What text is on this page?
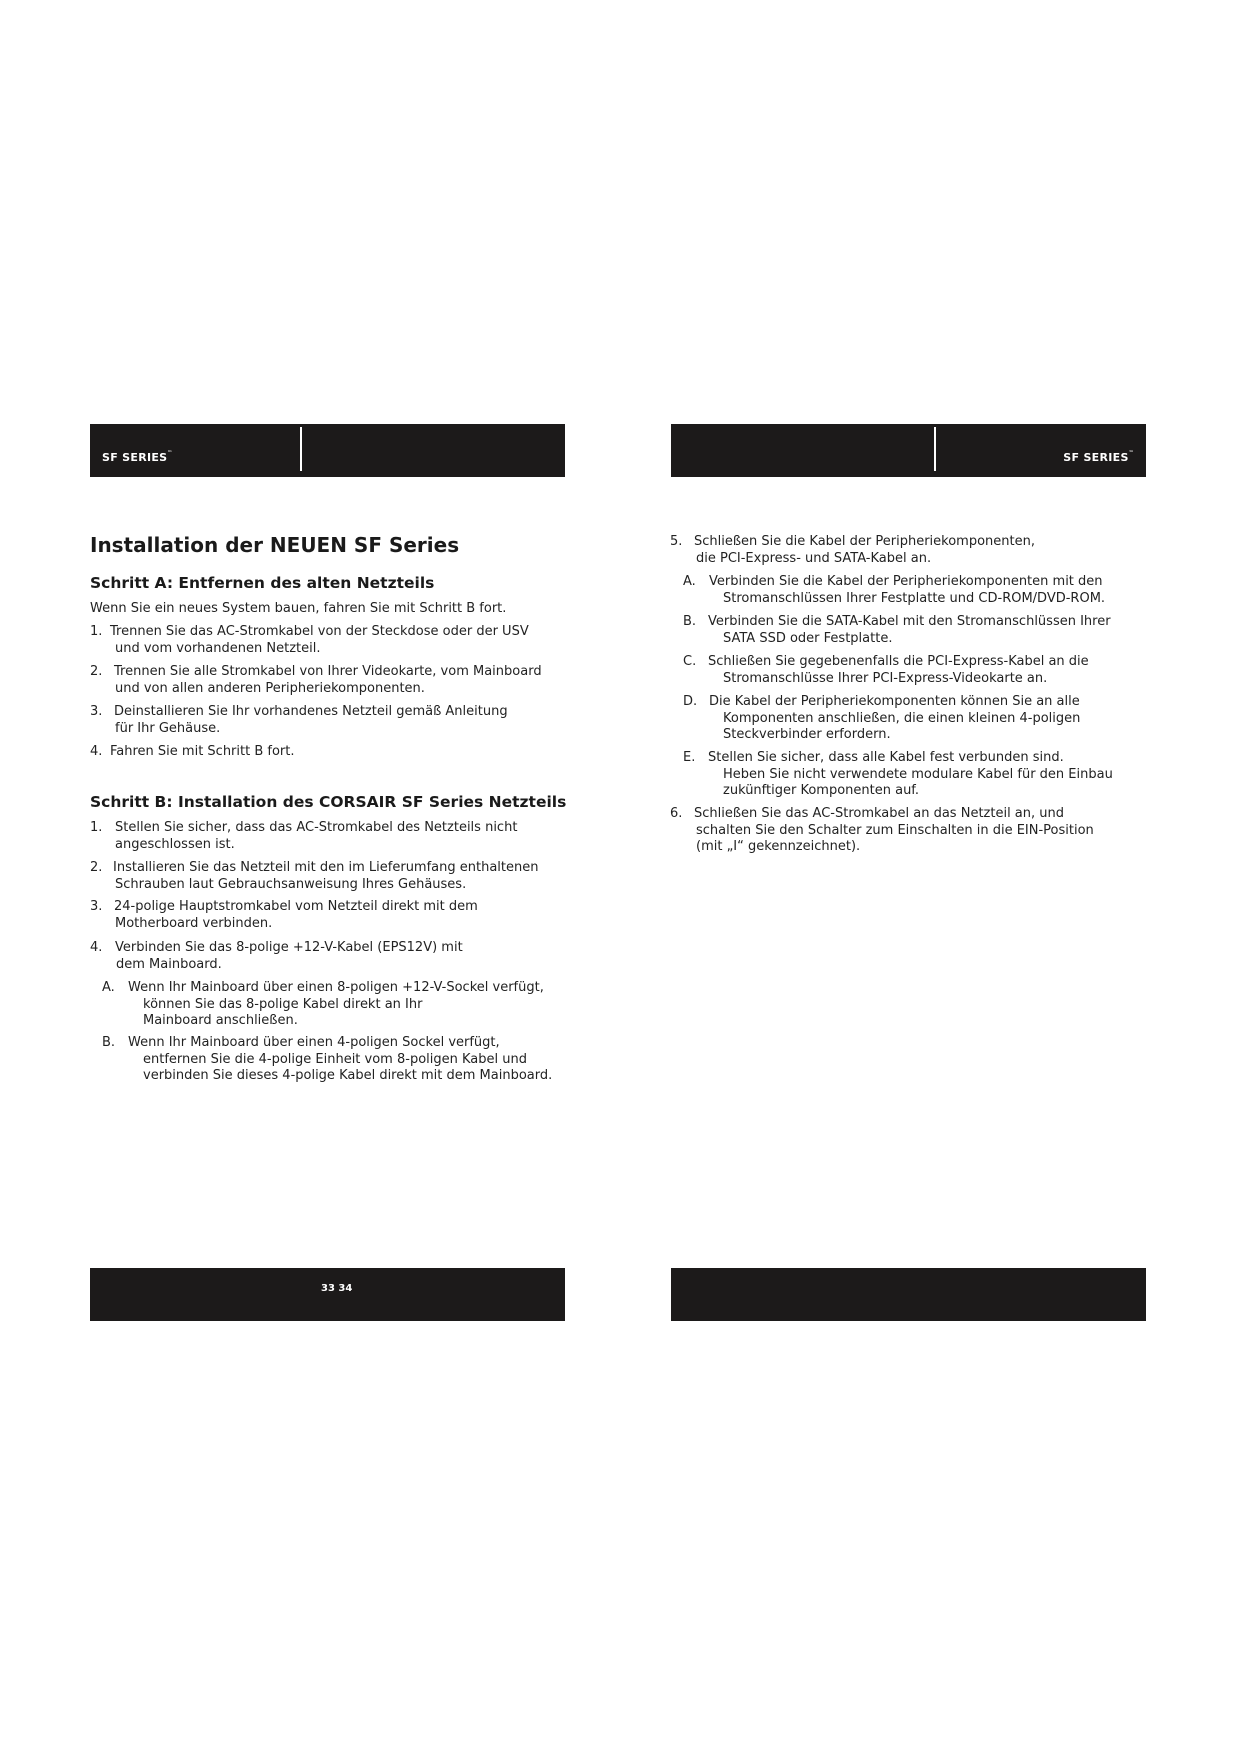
SF SERIES™	SF SERIES™
Installation der NEUEN SF Series
Schritt A: Entfernen des alten Netzteils

Wenn Sie ein neues System bauen, fahren Sie mit Schritt B fort.

1. Trennen Sie das AC-Stromkabel von der Steckdose oder der USV
und vom vorhandenen Netzteil.
2. Trennen Sie alle Stromkabel von Ihrer Videokarte, vom Mainboard
und von allen anderen Peripheriekomponenten.
3. Deinstallieren Sie Ihr vorhandenes Netzteil gemäß Anleitung
für Ihr Gehäuse.
4. Fahren Sie mit Schritt B fort.
Schritt B: Installation des CORSAIR SF Series Netzteils
1. Stellen Sie sicher, dass das AC-Stromkabel des Netzteils nicht
angeschlossen ist.
2. Installieren Sie das Netzteil mit den im Lieferumfang enthaltenen
Schrauben laut Gebrauchsanweisung Ihres Gehäuses.
3. 24-polige Hauptstromkabel vom Netzteil direkt mit dem
Motherboard verbinden.
4. Verbinden Sie das 8-polige +12-V-Kabel (EPS12V) mit
dem Mainboard.
A.	Wenn Ihr Mainboard über einen 8-poligen +12-V-Sockel verfügt,
können Sie das 8-polige Kabel direkt an Ihr
Mainboard anschließen.
B. Wenn Ihr Mainboard über einen 4-poligen Sockel verfügt,
entfernen Sie die 4-polige Einheit vom 8-poligen Kabel und
verbinden Sie dieses 4-polige Kabel direkt mit dem Mainboard.
5. Schließen Sie die Kabel der Peripheriekomponenten,
die PCI-Express- und SATA-Kabel an.
A.	Verbinden Sie die Kabel der Peripheriekomponenten mit den
Stromanschlüssen Ihrer Festplatte und CD-ROM/DVD-ROM.
B. Verbinden Sie die SATA-Kabel mit den Stromanschlüssen Ihrer
SATA SSD oder Festplatte.
C. Schließen Sie gegebenenfalls die PCI-Express-Kabel an die
Stromanschlüsse Ihrer PCI-Express-Videokarte an.
D. Die Kabel der Peripheriekomponenten können Sie an alle
Komponenten anschließen, die einen kleinen 4-poligen
Steckverbinder erfordern.
E. Stellen Sie sicher, dass alle Kabel fest verbunden sind.
Heben Sie nicht verwendete modulare Kabel für den Einbau
zukünftiger Komponenten auf.
6. Schließen Sie das AC-Stromkabel an das Netzteil an, und
schalten Sie den Schalter zum Einschalten in die EIN-Position
(mit „I“ gekennzeichnet).
33 34
